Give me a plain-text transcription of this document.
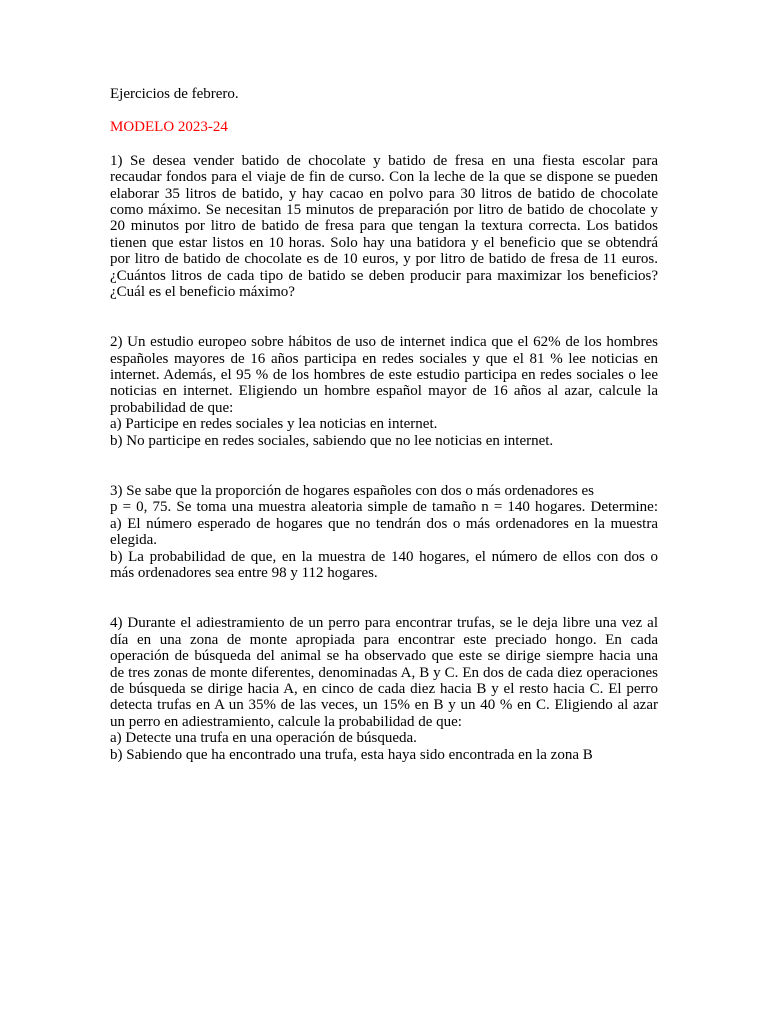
Ejercicios de febrero.
MODELO 2023-24
1) Se desea vender batido de chocolate y batido de fresa en una fiesta escolar para
recaudar fondos para el viaje de fin de curso. Con la leche de la que se dispone se pueden
elaborar 35 litros de batido, y hay cacao en polvo para 30 litros de batido de chocolate
como máximo. Se necesitan 15 minutos de preparación por litro de batido de chocolate y
20 minutos por litro de batido de fresa para que tengan la textura correcta. Los batidos
tienen que estar listos en 10 horas. Solo hay una batidora y el beneficio que se obtendrá
por litro de batido de chocolate es de 10 euros, y por litro de batido de fresa de 11 euros.
¿Cuántos litros de cada tipo de batido se deben producir para maximizar los beneficios?
¿Cuál es el beneficio máximo?
2) Un estudio europeo sobre hábitos de uso de internet indica que el 62% de los hombres
españoles mayores de 16 años participa en redes sociales y que el 81 % lee noticias en
internet. Además, el 95 % de los hombres de este estudio participa en redes sociales o lee
noticias en internet. Eligiendo un hombre español mayor de 16 años al azar, calcule la
probabilidad de que:
a) Participe en redes sociales y lea noticias en internet.
b) No participe en redes sociales, sabiendo que no lee noticias en internet.
3) Se sabe que la proporción de hogares españoles con dos o más ordenadores es
p = 0, 75. Se toma una muestra aleatoria simple de tamaño n = 140 hogares. Determine:
a) El número esperado de hogares que no tendrán dos o más ordenadores en la muestra
elegida.
b) La probabilidad de que, en la muestra de 140 hogares, el número de ellos con dos o
más ordenadores sea entre 98 y 112 hogares.
4) Durante el adiestramiento de un perro para encontrar trufas, se le deja libre una vez al
día en una zona de monte apropiada para encontrar este preciado hongo. En cada
operación de búsqueda del animal se ha observado que este se dirige siempre hacia una
de tres zonas de monte diferentes, denominadas A, B y C. En dos de cada diez operaciones
de búsqueda se dirige hacia A, en cinco de cada diez hacia B y el resto hacia C. El perro
detecta trufas en A un 35% de las veces, un 15% en B y un 40 % en C. Eligiendo al azar
un perro en adiestramiento, calcule la probabilidad de que:
a) Detecte una trufa en una operación de búsqueda.
b) Sabiendo que ha encontrado una trufa, esta haya sido encontrada en la zona B
